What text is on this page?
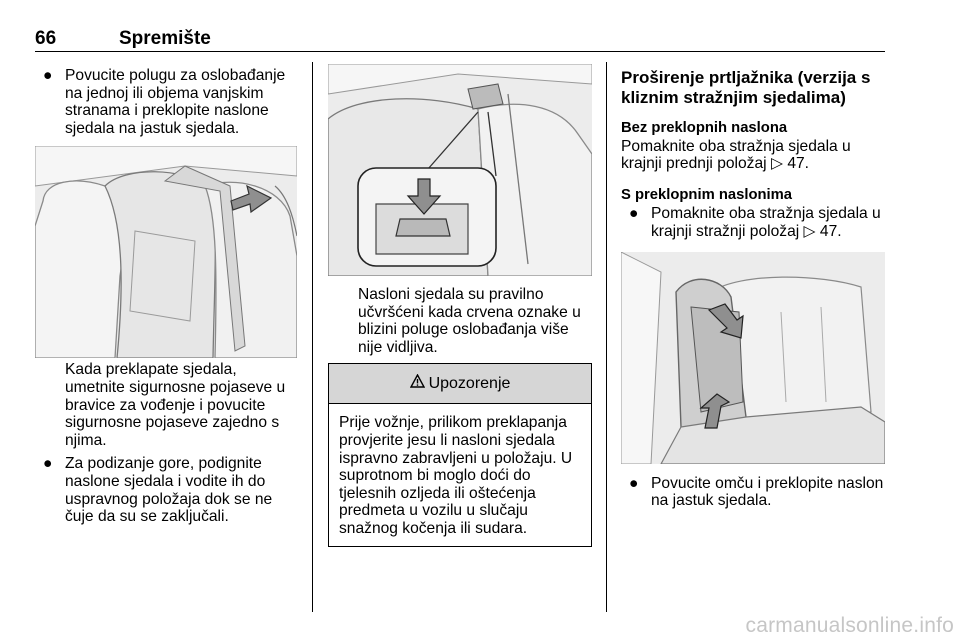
66	Spremište
● Povucite polugu za oslobađanje na jednoj ili objema vanjskim stranama i preklopite naslone sjedala na jastuk sjedala.
Kada preklapate sjedala, umetnite sigurnosne pojaseve u bravice za vođenje i povucite sigurnosne pojaseve zajedno s njima.
● Za podizanje gore, podignite naslone sjedala i vodite ih do uspravnog položaja dok se ne čuje da su se zaključali.
Nasloni sjedala su pravilno učvršćeni kada crvena oznake u blizini poluge oslobađanja više nije vidljiva.
Upozorenje
Prije vožnje, prilikom preklapanja provjerite jesu li nasloni sjedala ispravno zabravljeni u položaju. U suprotnom bi moglo doći do tjelesnih ozljeda ili oštećenja predmeta u vozilu u slučaju snažnog kočenja ili sudara.
Proširenje prtljažnika (verzija s kliznim stražnjim sjedalima)
Bez preklopnih naslona
Pomaknite oba stražnja sjedala u krajnji prednji položaj ▷ 47.
S preklopnim naslonima
● Pomaknite oba stražnja sjedala u krajnji stražnji položaj ▷ 47.
● Povucite omču i preklopite naslon na jastuk sjedala.
carmanualsonline.info
